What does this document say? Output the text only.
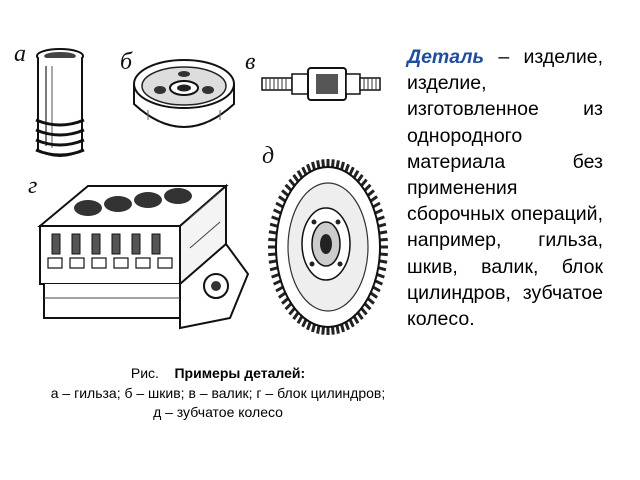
а	б	в
д
г
Деталь – изделие, изделие, изготовленное из однородного материала без применения сборочных операций, например, гильза, шкив, валик, блок цилиндров, зубчатое колесо.
Рис. Примеры деталей:
а – гильза; б – шкив; в – валик; г – блок цилиндров;
д – зубчатое колесо
